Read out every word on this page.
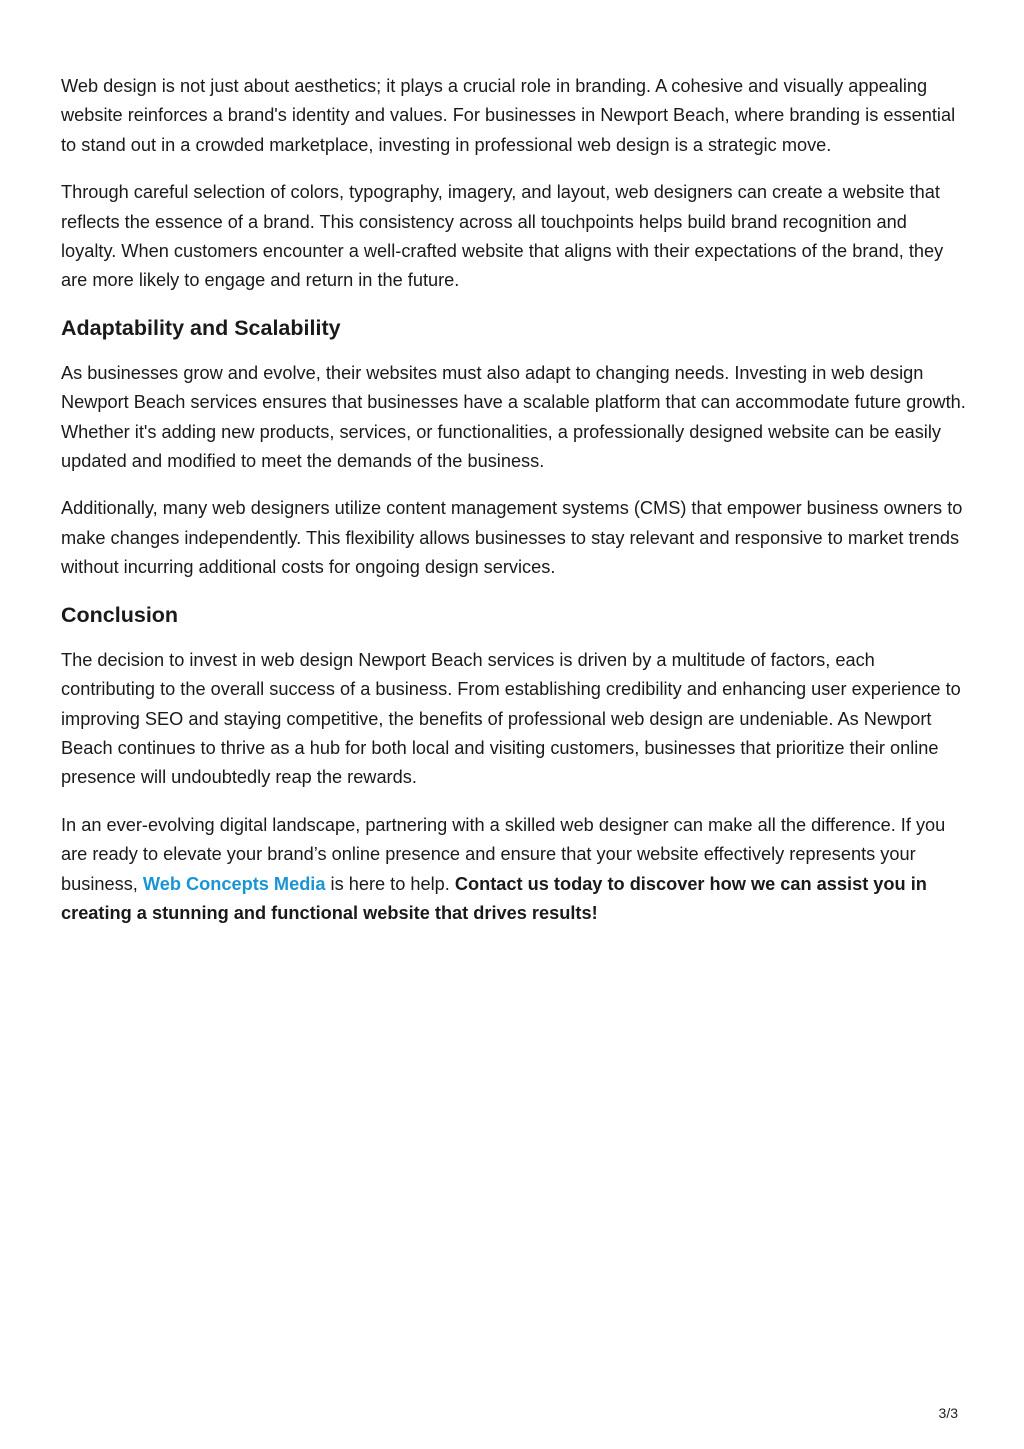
Web design is not just about aesthetics; it plays a crucial role in branding. A cohesive and visually appealing website reinforces a brand's identity and values. For businesses in Newport Beach, where branding is essential to stand out in a crowded marketplace, investing in professional web design is a strategic move.

Through careful selection of colors, typography, imagery, and layout, web designers can create a website that reflects the essence of a brand. This consistency across all touchpoints helps build brand recognition and loyalty. When customers encounter a well-crafted website that aligns with their expectations of the brand, they are more likely to engage and return in the future.

Adaptability and Scalability

As businesses grow and evolve, their websites must also adapt to changing needs. Investing in web design Newport Beach services ensures that businesses have a scalable platform that can accommodate future growth. Whether it's adding new products, services, or functionalities, a professionally designed website can be easily updated and modified to meet the demands of the business.

Additionally, many web designers utilize content management systems (CMS) that empower business owners to make changes independently. This flexibility allows businesses to stay relevant and responsive to market trends without incurring additional costs for ongoing design services.

Conclusion

The decision to invest in web design Newport Beach services is driven by a multitude of factors, each contributing to the overall success of a business. From establishing credibility and enhancing user experience to improving SEO and staying competitive, the benefits of professional web design are undeniable. As Newport Beach continues to thrive as a hub for both local and visiting customers, businesses that prioritize their online presence will undoubtedly reap the rewards.

In an ever-evolving digital landscape, partnering with a skilled web designer can make all the difference. If you are ready to elevate your brand’s online presence and ensure that your website effectively represents your business, Web Concepts Media is here to help. Contact us today to discover how we can assist you in creating a stunning and functional website that drives results!

3/3
